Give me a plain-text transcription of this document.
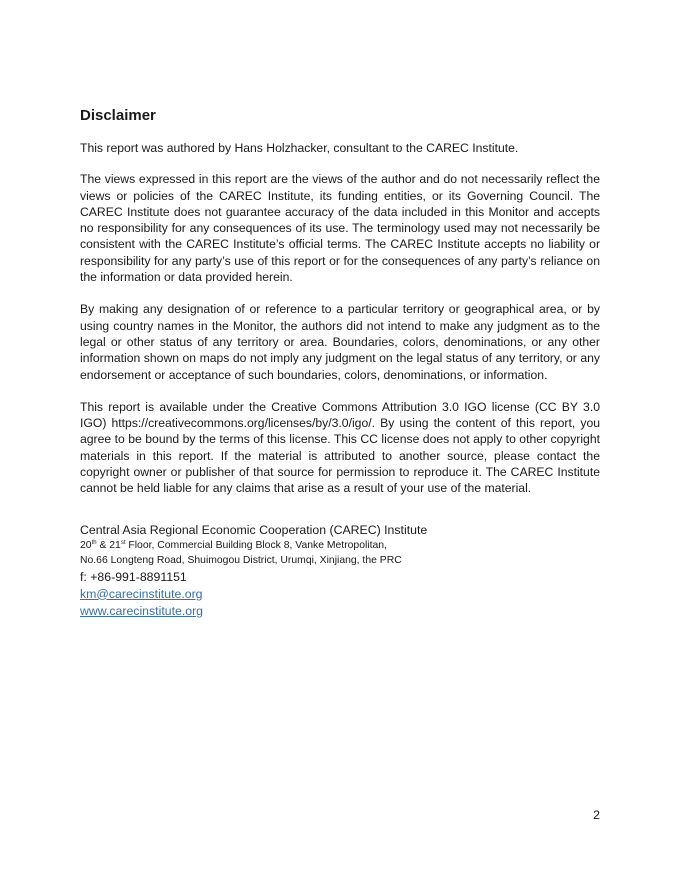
Disclaimer

This report was authored by Hans Holzhacker, consultant to the CAREC Institute.

The views expressed in this report are the views of the author and do not necessarily reflect the views or policies of the CAREC Institute, its funding entities, or its Governing Council. The CAREC Institute does not guarantee accuracy of the data included in this Monitor and accepts no responsibility for any consequences of its use. The terminology used may not necessarily be consistent with the CAREC Institute’s official terms. The CAREC Institute accepts no liability or responsibility for any party’s use of this report or for the consequences of any party’s reliance on the information or data provided herein.

By making any designation of or reference to a particular territory or geographical area, or by using country names in the Monitor, the authors did not intend to make any judgment as to the legal or other status of any territory or area. Boundaries, colors, denominations, or any other information shown on maps do not imply any judgment on the legal status of any territory, or any endorsement or acceptance of such boundaries, colors, denominations, or information.

This report is available under the Creative Commons Attribution 3.0 IGO license (CC BY 3.0 IGO) https://creativecommons.org/licenses/by/3.0/igo/. By using the content of this report, you agree to be bound by the terms of this license. This CC license does not apply to other copyright materials in this report. If the material is attributed to another source, please contact the copyright owner or publisher of that source for permission to reproduce it. The CAREC Institute cannot be held liable for any claims that arise as a result of your use of the material.

Central Asia Regional Economic Cooperation (CAREC) Institute
20th & 21st Floor, Commercial Building Block 8, Vanke Metropolitan,
No.66 Longteng Road, Shuimogou District, Urumqi, Xinjiang, the PRC
f: +86-991-8891151
km@carecinstitute.org
www.carecinstitute.org
2
